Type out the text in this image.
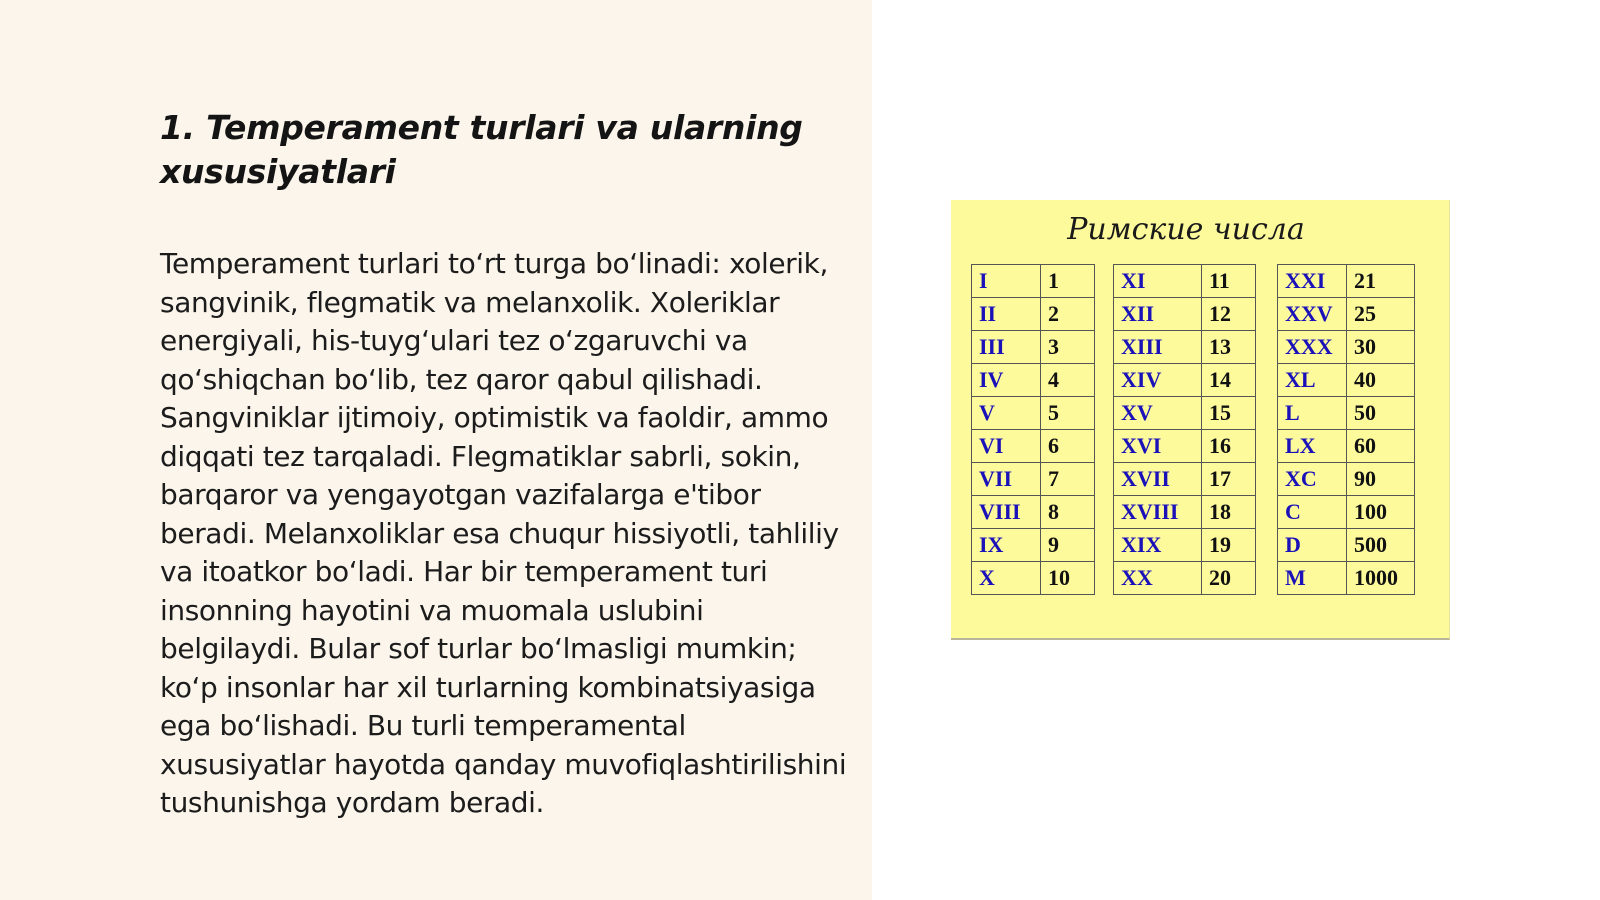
1. Temperament turlari va ularning xususiyatlari

Temperament turlari to‘rt turga bo‘linadi: xolerik, sangvinik, flegmatik va melanxolik. Xoleriklar energiyali, his-tuyg‘ulari tez o‘zgaruvchi va qo‘shiqchan bo‘lib, tez qaror qabul qilishadi. Sangviniklar ijtimoiy, optimistik va faoldir, ammo diqqati tez tarqaladi. Flegmatiklar sabrli, sokin, barqaror va yengayotgan vazifalarga e'tibor beradi. Melanxoliklar esa chuqur hissiyotli, tahliliy va itoatkor bo‘ladi. Har bir temperament turi insonning hayotini va muomala uslubini belgilaydi. Bular sof turlar bo‘lmasligi mumkin; ko‘p insonlar har xil turlarning kombinatsiyasiga ega bo‘lishadi. Bu turli temperamental xususiyatlar hayotda qanday muvofiqlashtirilishini tushunishga yordam beradi.

Римские числа
I	1
II	2
III	3
IV	4
V	5
VI	6
VII	7
VIII	8
IX	9
X	10
XI	11
XII	12
XIII	13
XIV	14
XV	15
XVI	16
XVII	17
XVIII	18
XIX	19
XX	20
XXI	21
XXV	25
XXX	30
XL	40
L	50
LX	60
XC	90
C	100
D	500
M	1000
